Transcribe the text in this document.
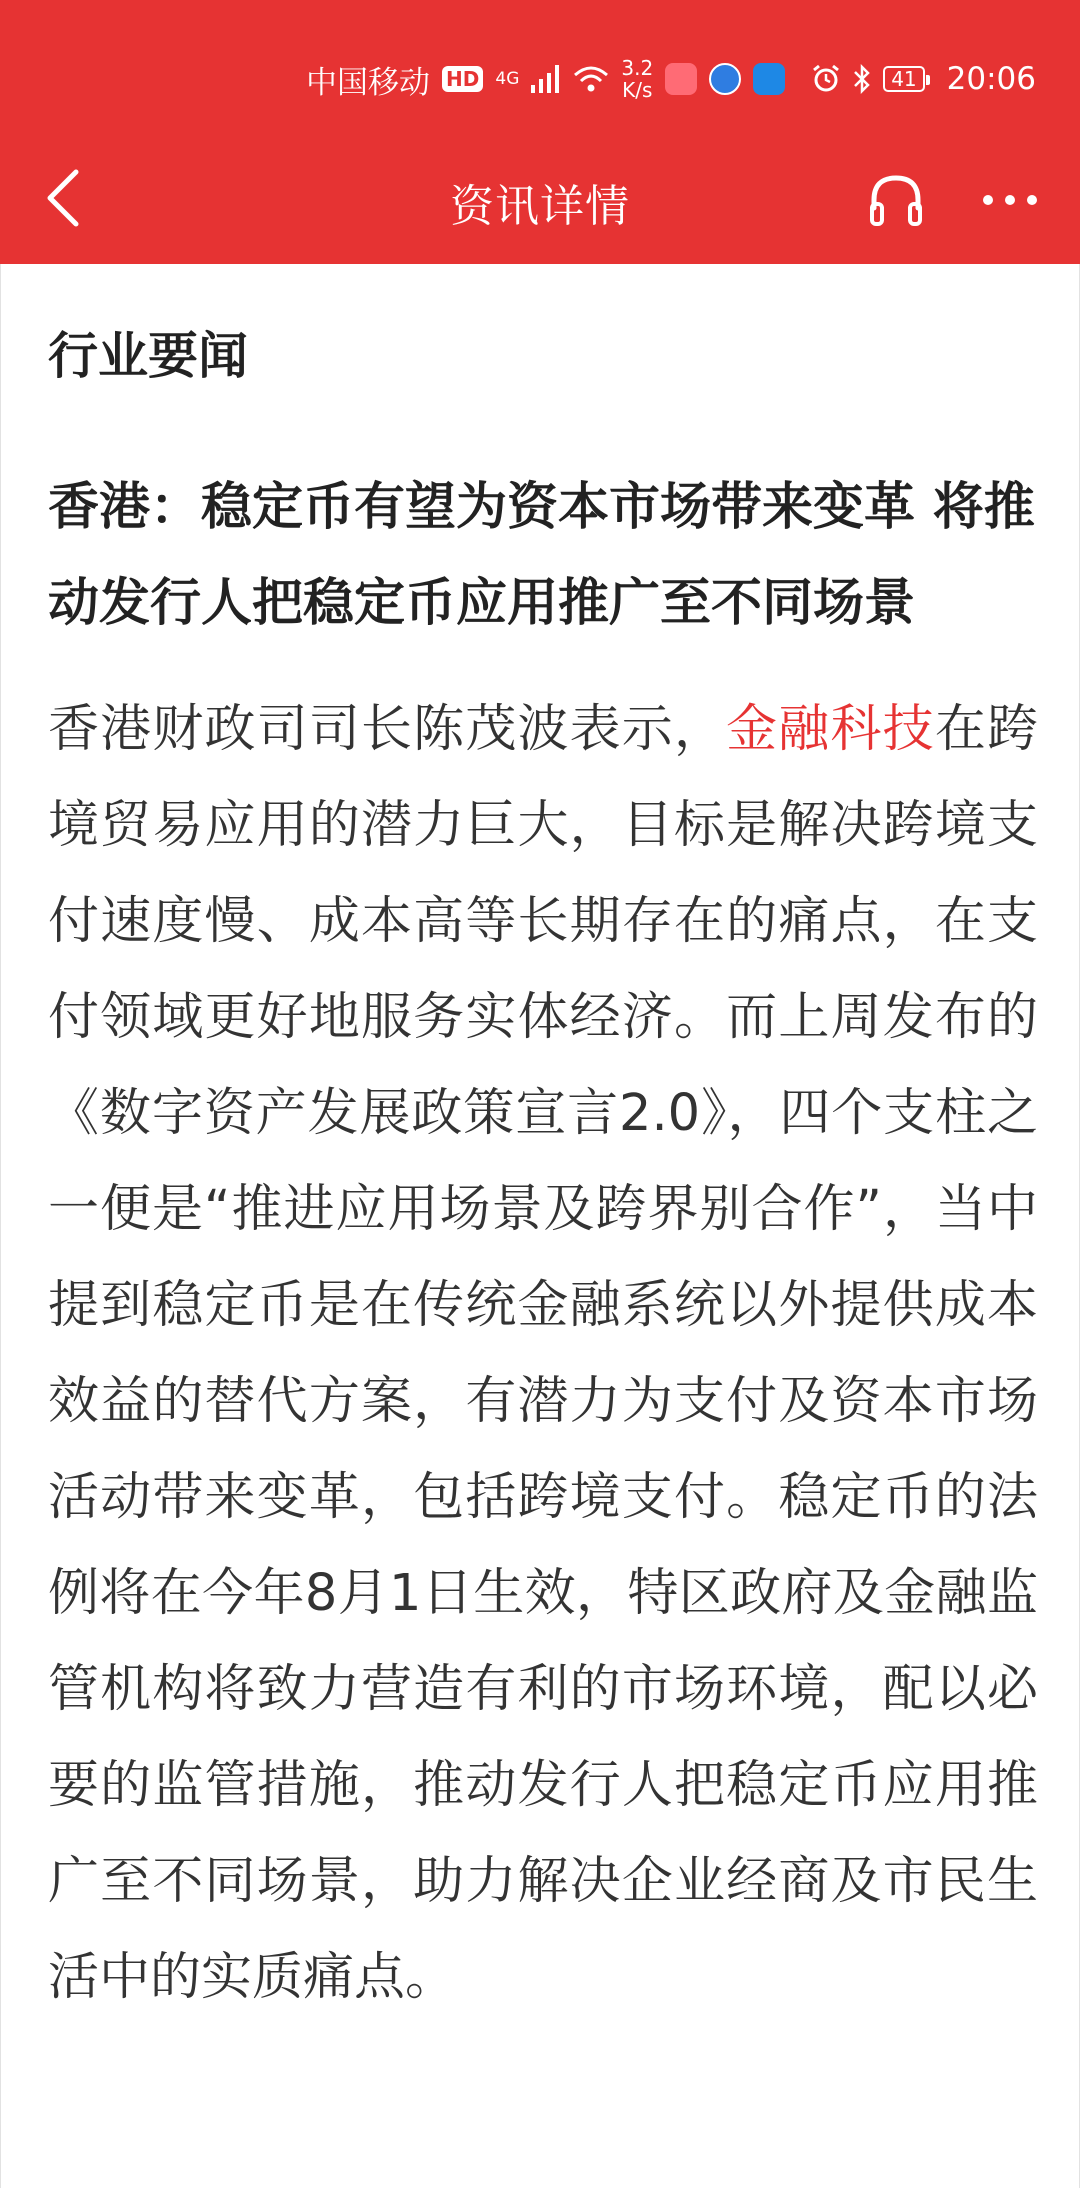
中国移动 HD 4G	3.2
K/s	41 20:06
资讯详情
行业要闻
香港：稳定币有望为资本市场带来变革 将推动发行人把稳定币应用推广至不同场景

香港财政司司长陈茂波表示，金融科技在跨境贸易应用的潜力巨大，目标是解决跨境支付速度慢、成本高等长期存在的痛点，在支付领域更好地服务实体经济。而上周发布的《数字资产发展政策宣言2.0》，四个支柱之一便是“推进应用场景及跨界别合作”，当中提到稳定币是在传统金融系统以外提供成本效益的替代方案，有潜力为支付及资本市场活动带来变革，包括跨境支付。稳定币的法例将在今年8月1日生效，特区政府及金融监管机构将致力营造有利的市场环境，配以必要的监管措施，推动发行人把稳定币应用推广至不同场景，助力解决企业经商及市民生活中的实质痛点。
